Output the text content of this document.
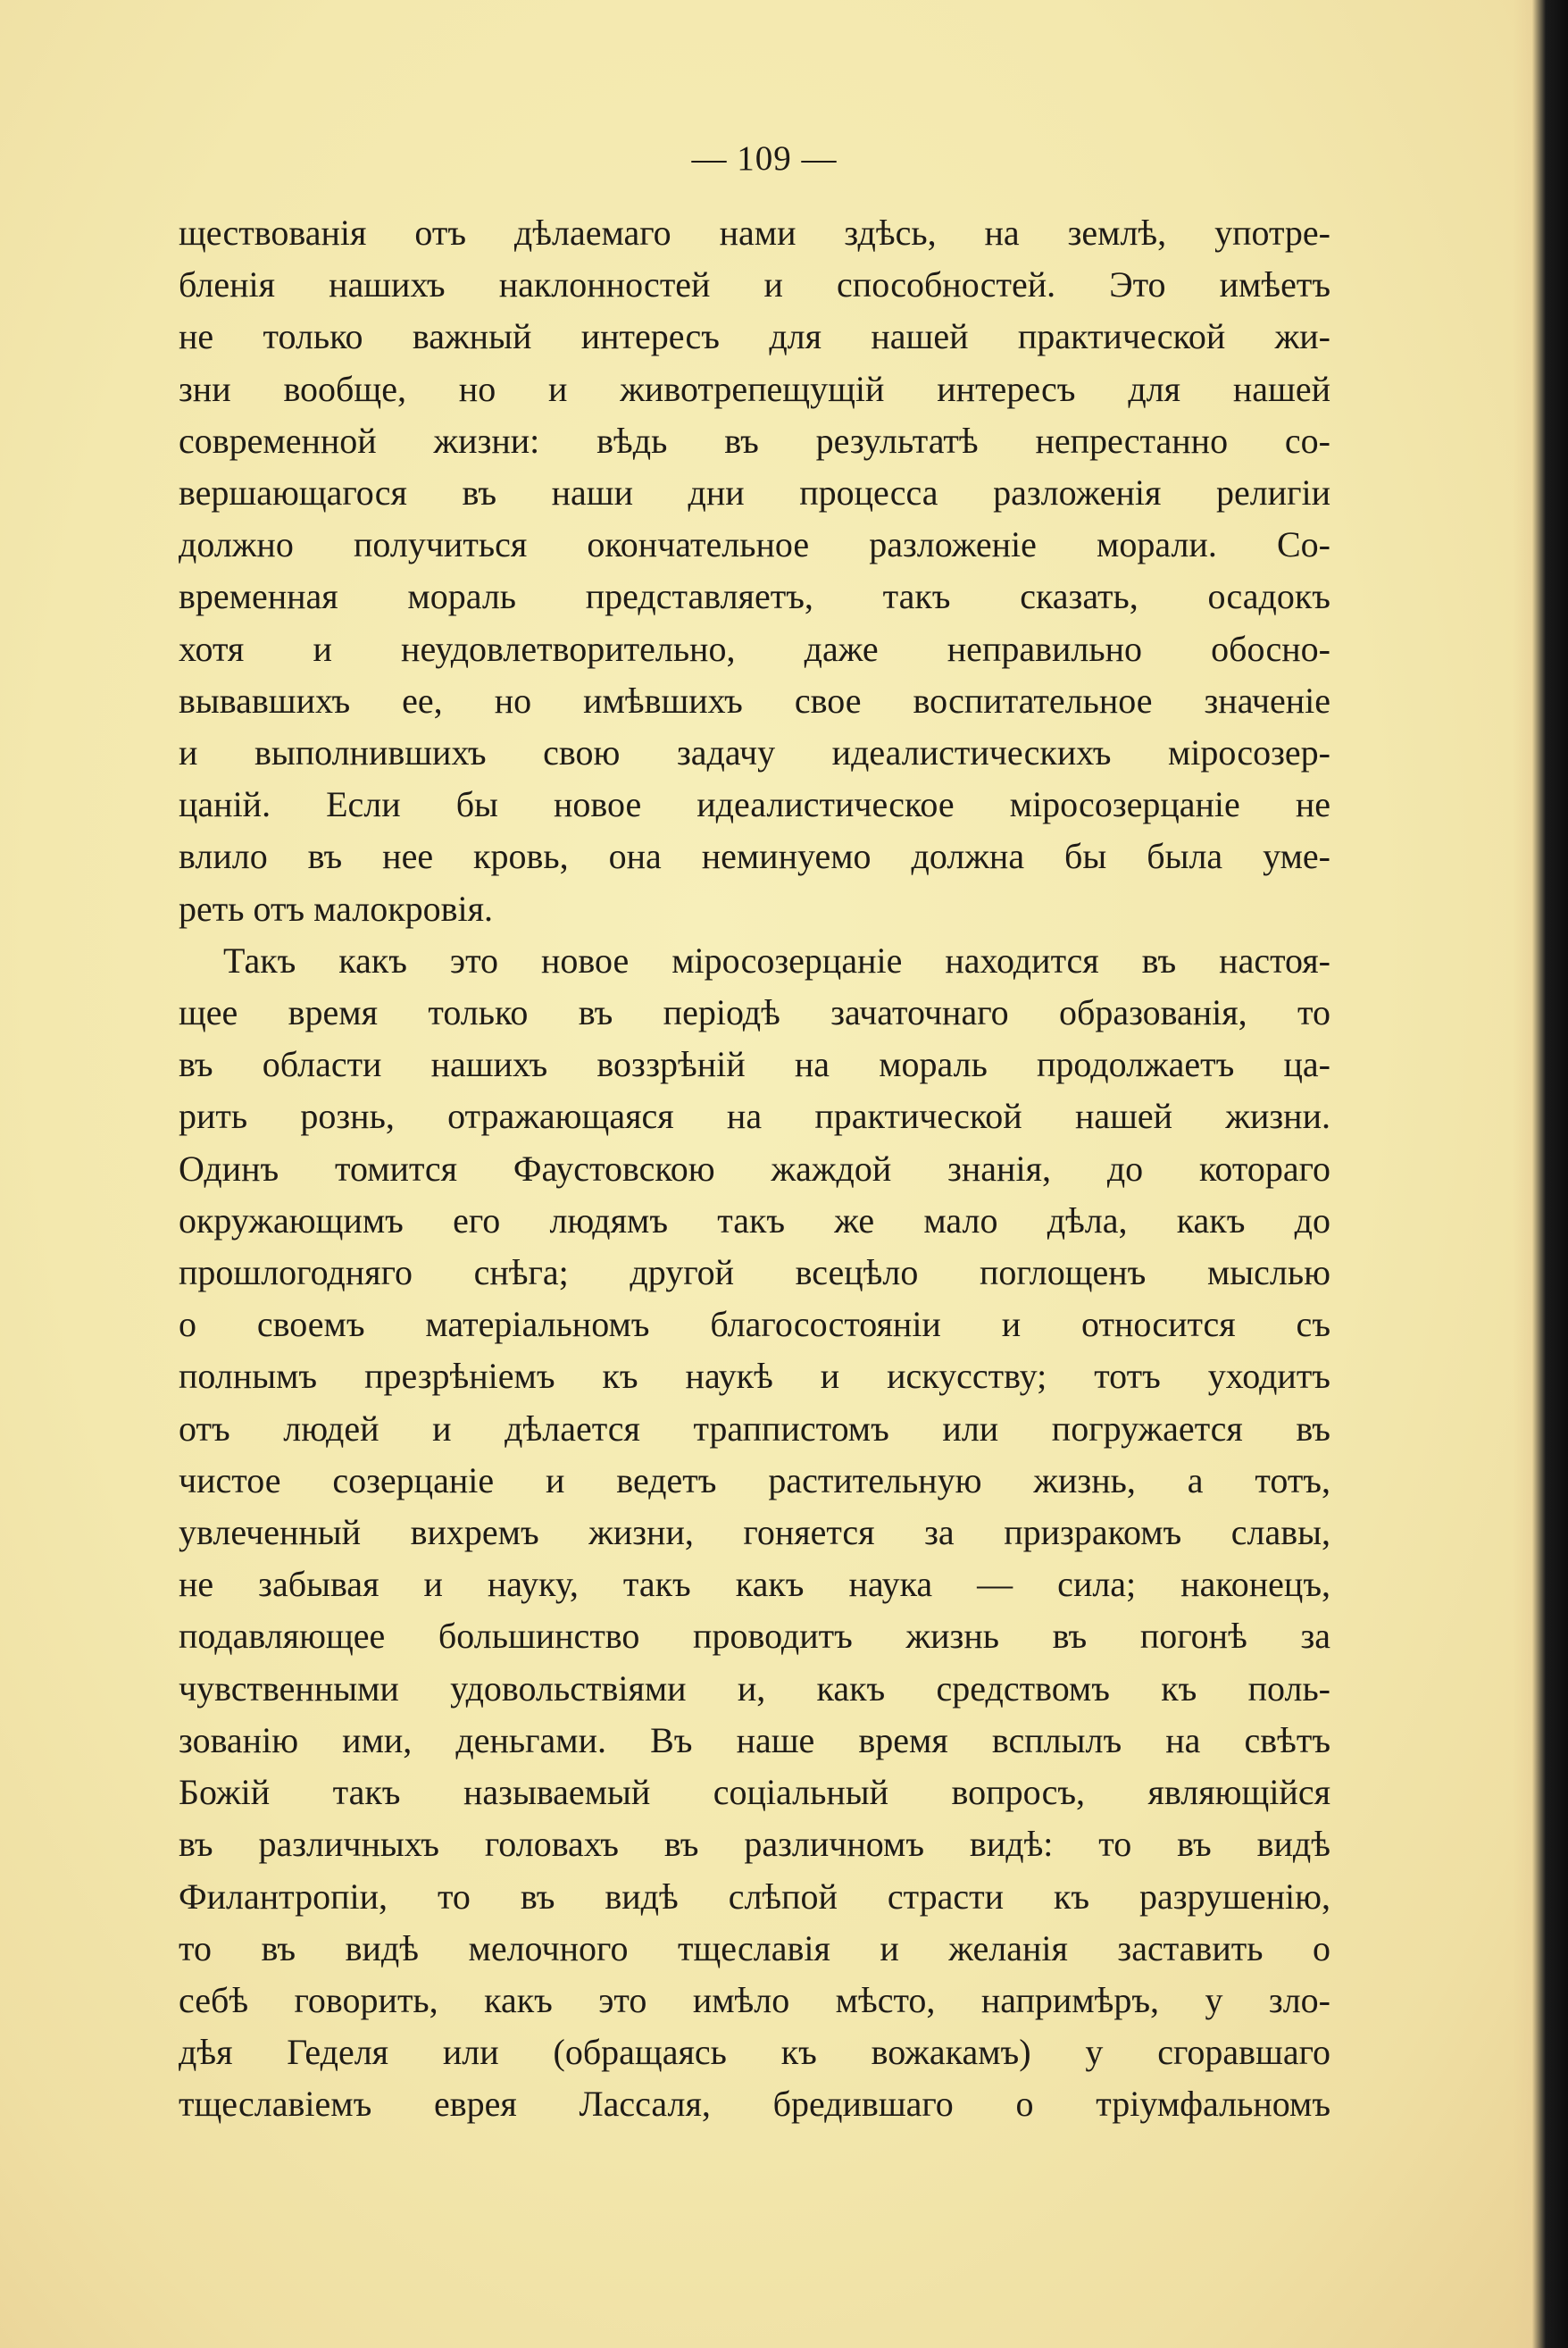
— 109 —

ществованія отъ дѣлаемаго нами здѣсь, на землѣ, употре-
бленія нашихъ наклонностей и способностей. Это имѣетъ
не только важный интересъ для нашей практической жи-
зни вообще, но и животрепещущій интересъ для нашей
современной жизни: вѣдь въ результатѣ непрестанно со-
вершающагося въ наши дни процесса разложенія религіи
должно получиться окончательное разложеніе морали. Со-
временная мораль представляетъ, такъ сказать, осадокъ
хотя и неудовлетворительно, даже неправильно обосно-
вывавшихъ ее, но имѣвшихъ свое воспитательное значеніе
и выполнившихъ свою задачу идеалистическихъ міросозер-
цаній. Если бы новое идеалистическое міросозерцаніе не
влило въ нее кровь, она неминуемо должна бы была уме-
реть отъ малокровія.

Такъ какъ это новое міросозерцаніе находится въ настоя-
щее время только въ періодѣ зачаточнаго образованія, то
въ области нашихъ воззрѣній на мораль продолжаетъ ца-
рить рознь, отражающаяся на практической нашей жизни.
Одинъ томится Фаустовскою жаждой знанія, до котораго
окружающимъ его людямъ такъ же мало дѣла, какъ до
прошлогодняго снѣга; другой всецѣло поглощенъ мыслью
о своемъ матеріальномъ благосостояніи и относится съ
полнымъ презрѣніемъ къ наукѣ и искусству; тотъ уходитъ
отъ людей и дѣлается траппистомъ или погружается въ
чистое созерцаніе и ведетъ растительную жизнь, а тотъ,
увлеченный вихремъ жизни, гоняется за призракомъ славы,
не забывая и науку, такъ какъ наука — сила; наконецъ,
подавляющее большинство проводитъ жизнь въ погонѣ за
чувственными удовольствіями и, какъ средствомъ къ поль-
зованію ими, деньгами. Въ наше время всплылъ на свѣтъ
Божій такъ называемый соціальный вопросъ, являющійся
въ различныхъ головахъ въ различномъ видѣ: то въ видѣ
Филантропіи, то въ видѣ слѣпой страсти къ разрушенію,
то въ видѣ мелочного тщеславія и желанія заставить о
себѣ говорить, какъ это имѣло мѣсто, напримѣръ, у зло-
дѣя Геделя или (обращаясь къ вожакамъ) у сгоравшаго
тщеславіемъ еврея Лассаля, бредившаго о тріумфальномъ
